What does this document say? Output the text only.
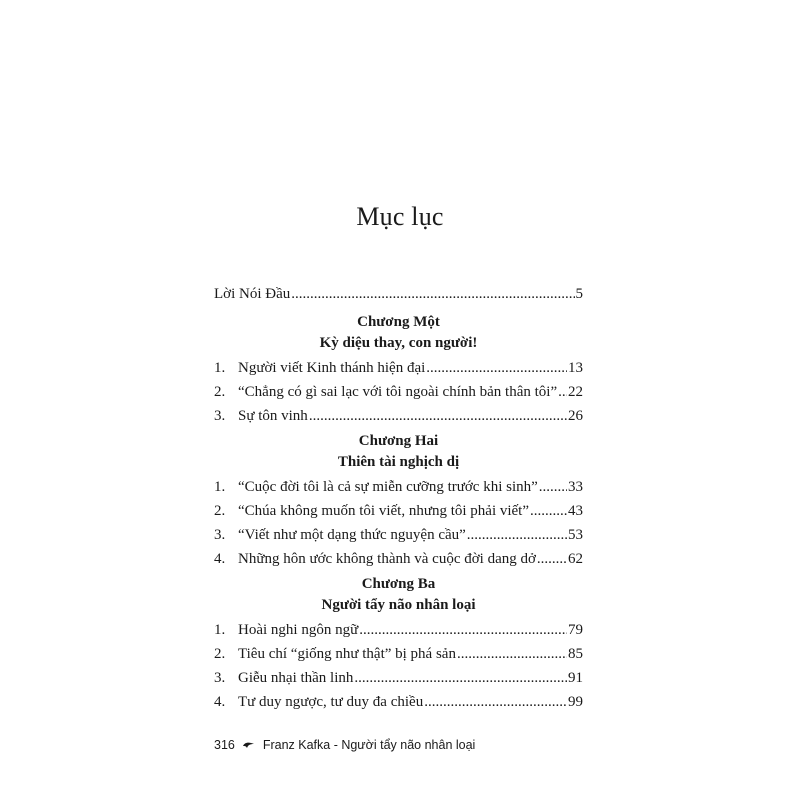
Mục lục
Lời Nói Đầu .....	5
Chương Một
Kỳ diệu thay, con người!
1. Người viết Kinh thánh hiện đại .....	13
2. “Chẳng có gì sai lạc với tôi ngoài chính bản thân tôi” ..... 22
3. Sự tôn vinh .....	26
Chương Hai
Thiên tài nghịch dị
1. “Cuộc đời tôi là cả sự miễn cưỡng trước khi sinh” ..... 33
2. “Chúa không muốn tôi viết, nhưng tôi phải viết” .....	43
3. “Viết như một dạng thức nguyện cầu” .....	53
4. Những hôn ước không thành và cuộc đời dang dở ..... 62
Chương Ba
Người tẩy não nhân loại
1. Hoài nghi ngôn ngữ .....	79
2. Tiêu chí “giống như thật” bị phá sản .....	85
3. Giễu nhại thần linh .....	91
4. Tư duy ngược, tư duy đa chiều .....	99
316 Franz Kafka - Người tẩy não nhân loại
